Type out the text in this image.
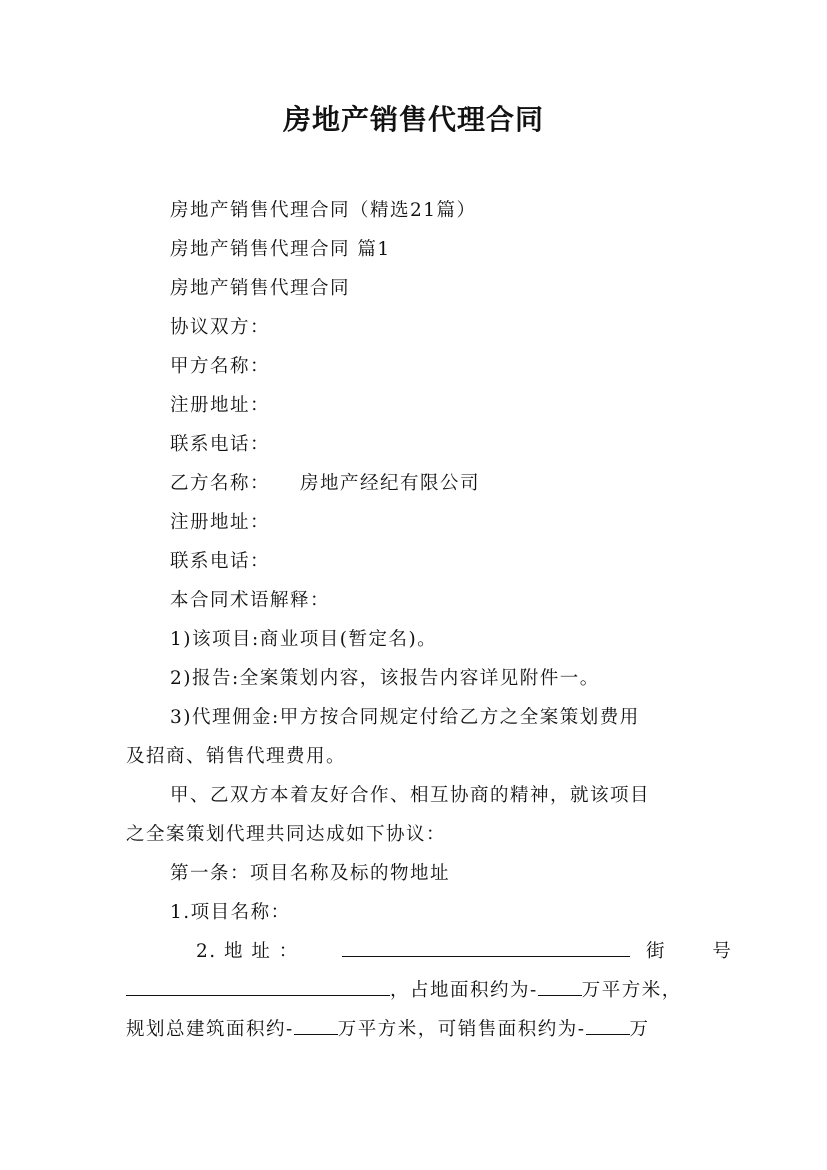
房地产销售代理合同
房地产销售代理合同（精选21篇）
房地产销售代理合同 篇1
房地产销售代理合同
协议双方：
甲方名称：
注册地址：
联系电话：
乙方名称： 房地产经纪有限公司
注册地址：
联系电话：
本合同术语解释：
1)该项目:商业项目(暂定名)。
2)报告:全案策划内容，该报告内容详见附件一。
3)代理佣金:甲方按合同规定付给乙方之全案策划费用
及招商、销售代理费用。
甲、乙双方本着友好合作、相互协商的精神，就该项目
之全案策划代理共同达成如下协议：
第一条：项目名称及标的物地址
1.项目名称：
2. 地 址 ：	街 号
，占地面积约为- 万平方米，
规划总建筑面积约- 万平方米，可销售面积约为- 万
